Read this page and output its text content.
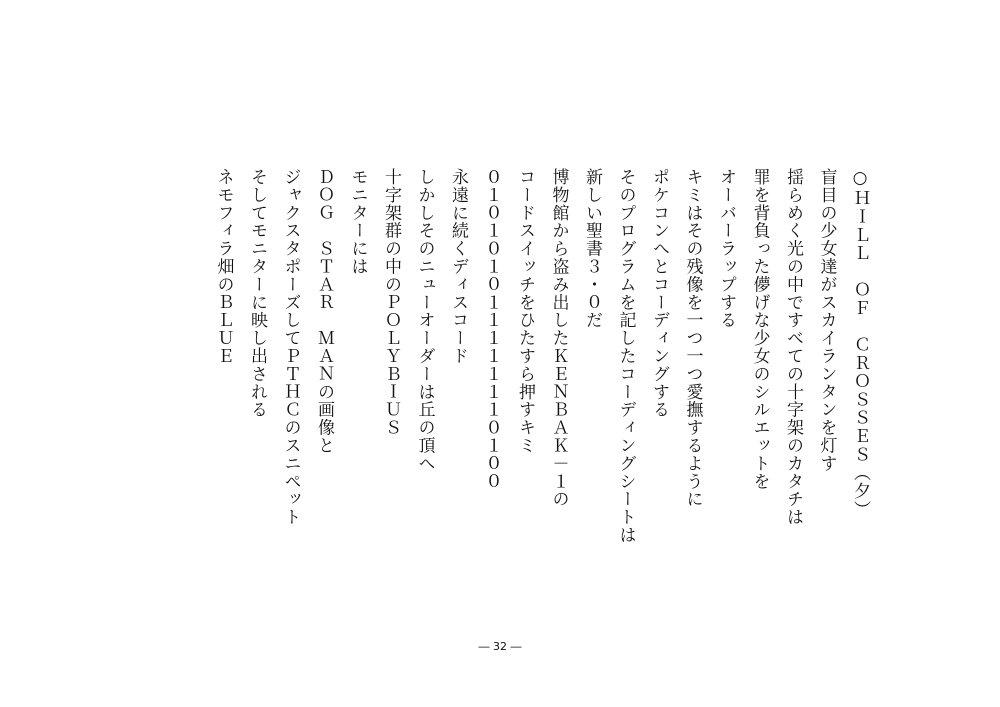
○ＨＩＬＬ　ＯＦ　ＣＲＯＳＳＥＳ（夕）
盲目の少女達がスカイランタンを灯す
揺らめく光の中ですべての十字架のカタチは
罪を背負った儚げな少女のシルエットを
オーバーラップする
キミはその残像を一つ一つ愛撫するように
ポケコンへとコーディングする
そのプログラムを記したコーディングシートは
新しい聖書３・０だ
博物館から盗み出したＫＥＮＢＡＫ－１の
コードスイッチをひたすら押すキミ
０１０１０１０１１１１１１１０１００
永遠に続くディスコード
しかしそのニューオーダーは丘の頂へ
十字架群の中のＰＯＬＹＢＩＵＳ
モニターには
ＤＯＧ　ＳＴＡＲ　ＭＡＮの画像と
ジャクスタポーズしてＰＴＨＣのスニペット
そしてモニターに映し出される
ネモフィラ畑のＢＬＵＥ
― 32 ―
